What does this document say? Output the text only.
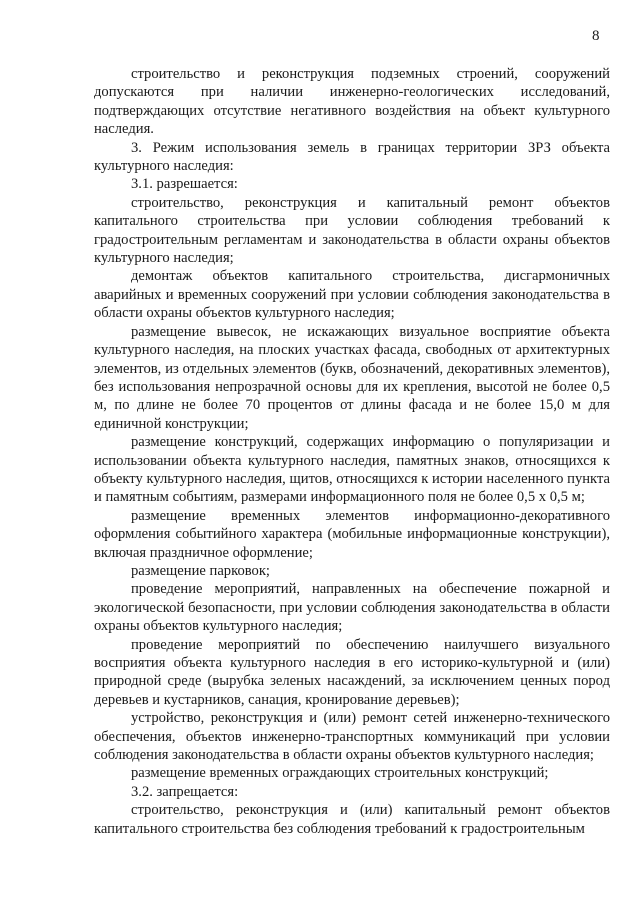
8

строительство и реконструкция подземных строений, сооружений допускаются при наличии инженерно-геологических исследований, подтверждающих отсутствие негативного воздействия на объект культурного наследия.

3. Режим использования земель в границах территории ЗРЗ объекта культурного наследия:

3.1. разрешается:

строительство, реконструкция и капитальный ремонт объектов капитального строительства при условии соблюдения требований к градостроительным регламентам и законодательства в области охраны объектов культурного наследия;

демонтаж объектов капитального строительства, дисгармоничных аварийных и временных сооружений при условии соблюдения законодательства в области охраны объектов культурного наследия;

размещение вывесок, не искажающих визуальное восприятие объекта культурного наследия, на плоских участках фасада, свободных от архитектурных элементов, из отдельных элементов (букв, обозначений, декоративных элементов), без использования непрозрачной основы для их крепления, высотой не более 0,5 м, по длине не более 70 процентов от длины фасада и не более 15,0 м для единичной конструкции;

размещение конструкций, содержащих информацию о популяризации и использовании объекта культурного наследия, памятных знаков, относящихся к объекту культурного наследия, щитов, относящихся к истории населенного пункта и памятным событиям, размерами информационного поля не более 0,5 х 0,5 м;

размещение временных элементов информационно-декоративного оформления событийного характера (мобильные информационные конструкции), включая праздничное оформление;

размещение парковок;

проведение мероприятий, направленных на обеспечение пожарной и экологической безопасности, при условии соблюдения законодательства в области охраны объектов культурного наследия;

проведение мероприятий по обеспечению наилучшего визуального восприятия объекта культурного наследия в его историко-культурной и (или) природной среде (вырубка зеленых насаждений, за исключением ценных пород деревьев и кустарников, санация, кронирование деревьев);

устройство, реконструкция и (или) ремонт сетей инженерно-технического обеспечения, объектов инженерно-транспортных коммуникаций при условии соблюдения законодательства в области охраны объектов культурного наследия;

размещение временных ограждающих строительных конструкций;

3.2. запрещается:

строительство, реконструкция и (или) капитальный ремонт объектов капитального строительства без соблюдения требований к градостроительным
